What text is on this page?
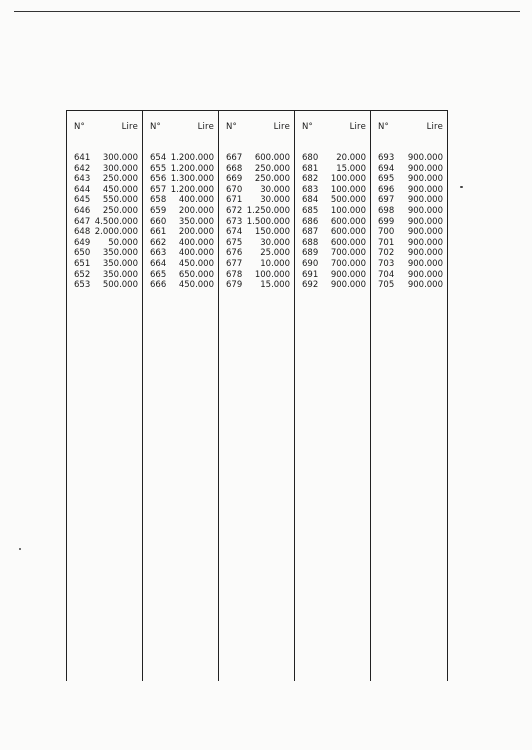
N°	Lire
641	300.000
642	300.000
643	250.000
644	450.000
645	550.000
646	250.000
647 4.500.000
648 2.000.000
649	50.000
650	350.000
651	350.000
652	350.000
653	500.000
N°	Lire
654 1.200.000
655 1.200.000
656 1.300.000
657 1.200.000
658	400.000
659	200.000
660	350.000
661	200.000
662	400.000
663	400.000
664	450.000
665	650.000
666	450.000
N°	Lire
667	600.000
668	250.000
669	250.000
670	30.000
671	30.000
672 1.250.000
673 1.500.000
674	150.000
675	30.000
676	25.000
677	10.000
678	100.000
679	15.000
N°	Lire
680	20.000
681	15.000
682	100.000
683	100.000
684	500.000
685	100.000
686	600.000
687	600.000
688	600.000
689	700.000
690	700.000
691	900.000
692	900.000
N°	Lire
693	900.000
694	900.000
695	900.000
696	900.000
697	900.000
698	900.000
699	900.000
700	900.000
701	900.000
702	900.000
703	900.000
704	900.000
705	900.000
